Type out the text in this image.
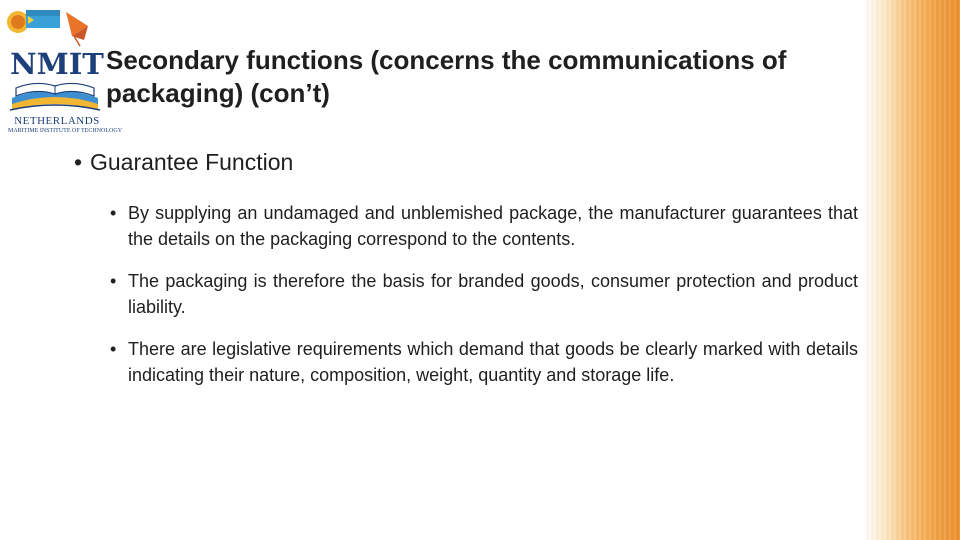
NMIT
NETHERLANDS
MARITIME INSTITUTE OF TECHNOLOGY
Secondary functions (concerns the communications of packaging) (con’t)
• Guarantee Function
• By supplying an undamaged and unblemished package, the manufacturer guarantees that the details on the packaging correspond to the contents.
• The packaging is therefore the basis for branded goods, consumer protection and product liability.
• There are legislative requirements which demand that goods be clearly marked with details indicating their nature, composition, weight, quantity and storage life.
